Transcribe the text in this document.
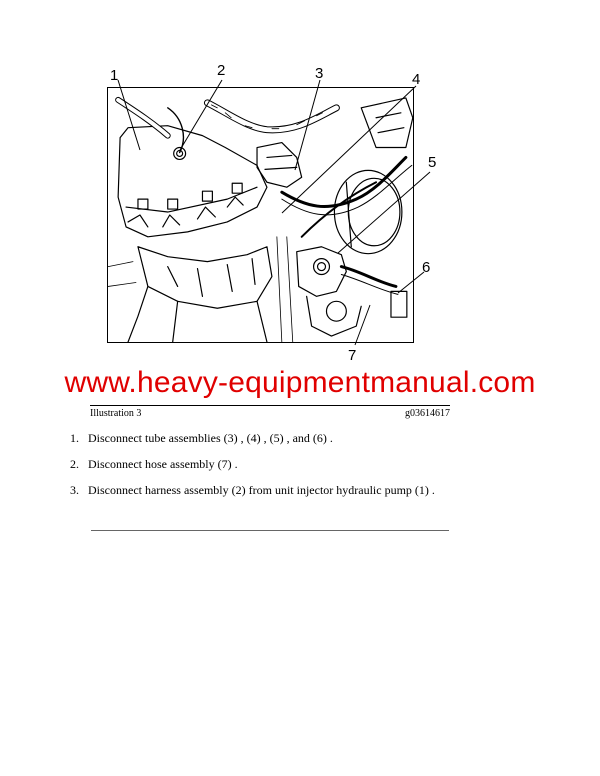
1	2	3	4
5
6
7
www.heavy-equipmentmanual.com
Illustration 3	g03614617
1. Disconnect tube assemblies (3) , (4) , (5) , and (6) .
2. Disconnect hose assembly (7) .
3. Disconnect harness assembly (2) from unit injector hydraulic pump (1) .
